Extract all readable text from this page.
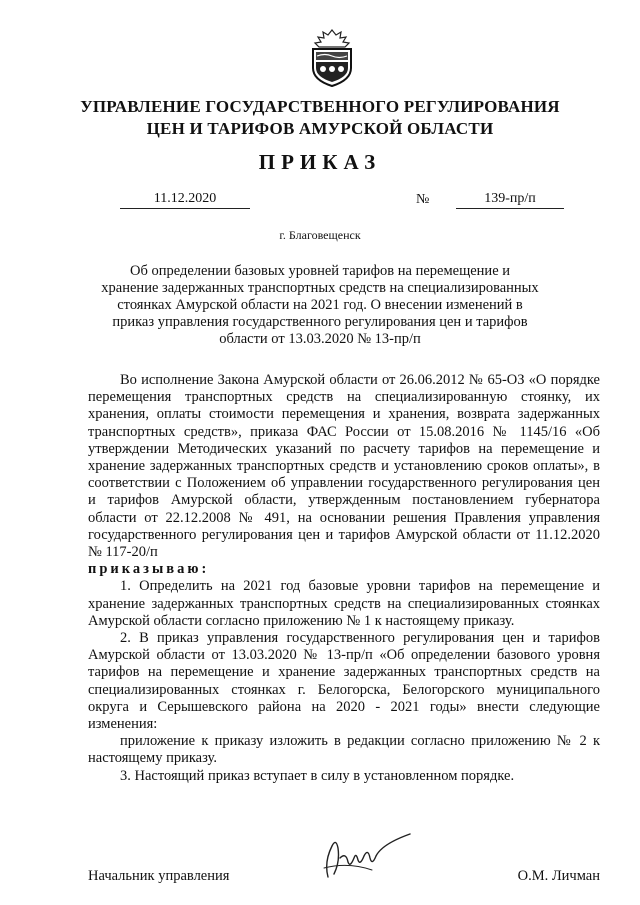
УПРАВЛЕНИЕ ГОСУДАРСТВЕННОГО РЕГУЛИРОВАНИЯ
ЦЕН И ТАРИФОВ АМУРСКОЙ ОБЛАСТИ
ПРИКАЗ
11.12.2020	№	139-пр/п
г. Благовещенск
Об определении базовых уровней тарифов на перемещение и хранение задержанных транспортных средств на специализированных стоянках Амурской области на 2021 год. О внесении изменений в приказ управления государственного регулирования цен и тарифов области от 13.03.2020 № 13-пр/п

Во исполнение Закона Амурской области от 26.06.2012 № 65-ОЗ «О порядке перемещения транспортных средств на специализированную стоянку, их хранения, оплаты стоимости перемещения и хранения, возврата задержанных транспортных средств», приказа ФАС России от 15.08.2016 № 1145/16 «Об утверждении Методических указаний по расчету тарифов на перемещение и хранение задержанных транспортных средств и установлению сроков оплаты», в соответствии с Положением об управлении государственного регулирования цен и тарифов Амурской области, утвержденным постановлением губернатора области от 22.12.2008 № 491, на основании решения Правления управления государственного регулирования цен и тарифов Амурской области от 11.12.2020 № 117-20/п

приказываю:

1. Определить на 2021 год базовые уровни тарифов на перемещение и хранение задержанных транспортных средств на специализированных стоянках Амурской области согласно приложению № 1 к настоящему приказу.

2. В приказ управления государственного регулирования цен и тарифов Амурской области от 13.03.2020 № 13-пр/п «Об определении базового уровня тарифов на перемещение и хранение задержанных транспортных средств на специализированных стоянках г. Белогорска, Белогорского муниципального округа и Серышевского района на 2020 - 2021 годы» внести следующие изменения:

приложение к приказу изложить в редакции согласно приложению № 2 к настоящему приказу.

3. Настоящий приказ вступает в силу в установленном порядке.

Начальник управления	О.М. Личман
